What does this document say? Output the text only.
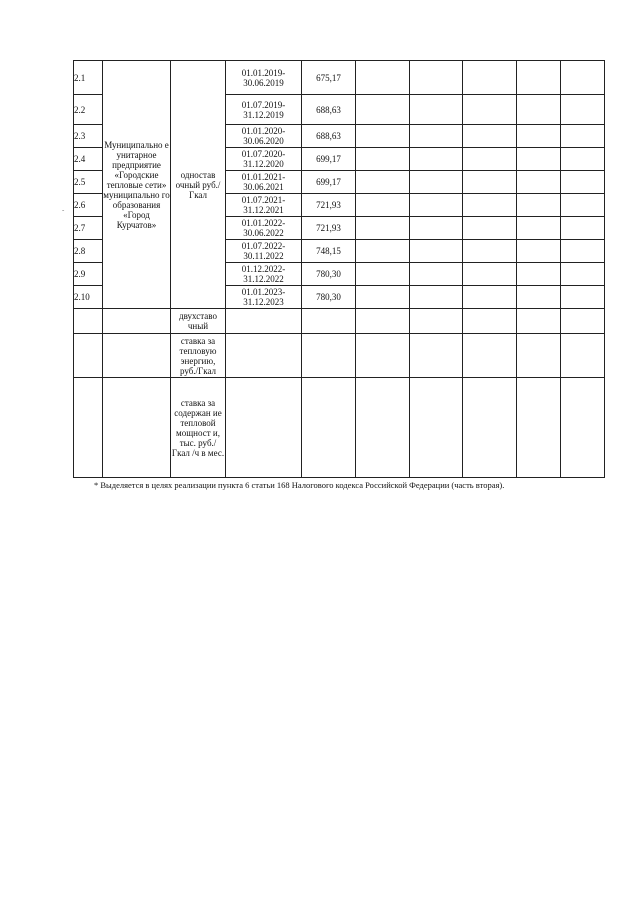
-
2.1	Муниципально е унитарное предприятие «Городские тепловые сети» муниципально го образования «Город Курчатов»	одностав очный руб./Гкал	01.01.2019- 30.06.2019	675,17					
2.2			01.07.2019- 31.12.2019	688,63					
2.3			01.01.2020- 30.06.2020	688,63					
2.4			01.07.2020- 31.12.2020	699,17					
2.5			01.01.2021- 30.06.2021	699,17					
2.6			01.07.2021- 31.12.2021	721,93					
2.7			01.01.2022- 30.06.2022	721,93					
2.8			01.07.2022- 30.11.2022	748,15					
2.9			01.12.2022- 31.12.2022	780,30					
2.10			01.01.2023- 31.12.2023	780,30					
		двухставо чный							
		ставка за тепловую энергию, руб./Гкал							
		ставка за содержан ие тепловой мощност и, тыс. руб./Гкал /ч в мес.							
* Выделяется в целях реализации пункта 6 статьи 168 Налогового кодекса Российской Федерации (часть вторая).
